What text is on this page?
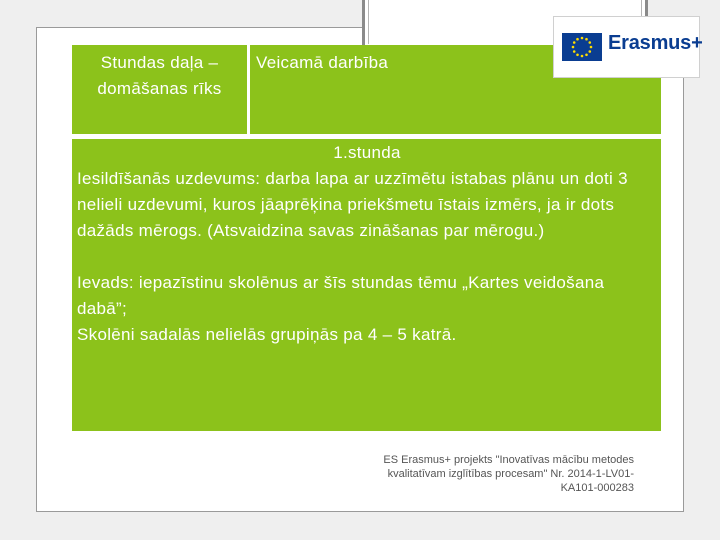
Stundas daļa – domāšanas rīks
Veicamā darbība
Erasmus+
1.stunda
Iesildīšanās uzdevums: darba lapa ar uzzīmētu istabas plānu un doti 3 nelieli uzdevumi, kuros jāaprēķina priekšmetu īstais izmērs, ja ir dots dažāds mērogs. (Atsvaidzina savas zināšanas par mērogu.)
Ievads: iepazīstinu skolēnus ar šīs stundas tēmu „Kartes veidošana dabā”;
Skolēni sadalās nelielās grupiņās pa 4 – 5 katrā.
ES Erasmus+ projekts "Inovatīvas mācību metodes kvalitatīvam izglītības procesam" Nr. 2014-1-LV01-KA101-000283
